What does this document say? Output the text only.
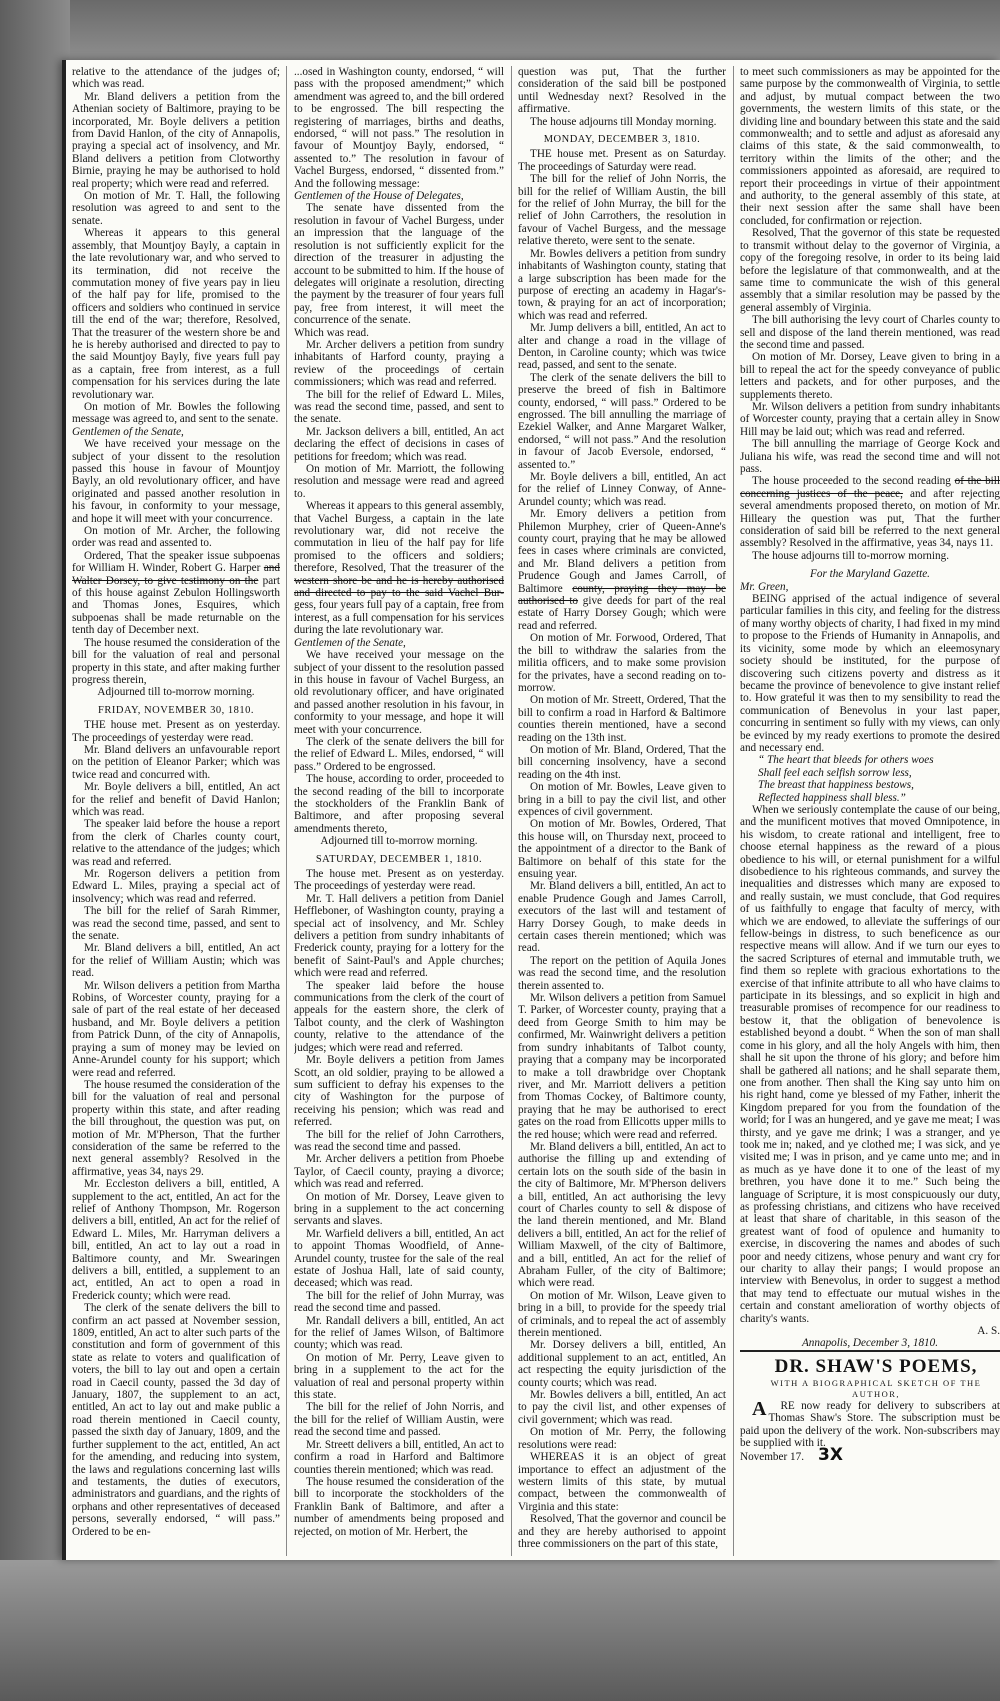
relative to the attendance of the judges of; which was read.

Mr. Bland delivers a petition from the Athenian society of Baltimore, praying to be incorporated, Mr. Boyle delivers a petition from David Hanlon, of the city of Annapolis, praying a special act of insolvency, and Mr. Bland delivers a petition from Clotworthy Birnie, praying he may be authorised to hold real property; which were read and referred.

On motion of Mr. T. Hall, the following resolution was agreed to and sent to the senate.

Whereas it appears to this general assembly, that Mountjoy Bayly, a captain in the late revolutionary war, and who served to its termination, did not receive the commutation money of five years pay in lieu of the half pay for life, promised to the officers and soldiers who continued in service till the end of the war; therefore, Resolved, That the treasurer of the western shore be and he is hereby authorised and directed to pay to the said Mountjoy Bayly, five years full pay as a captain, free from interest, as a full compensation for his services during the late revolutionary war.

On motion of Mr. Bowles the following message was agreed to, and sent to the senate.

Gentlemen of the Senate,

We have received your message on the subject of your dissent to the resolution passed this house in favour of Mountjoy Bayly, an old revolutionary officer, and have originated and passed another resolution in his favour, in conformity to your message, and hope it will meet with your concurrence.

On motion of Mr. Archer, the following order was read and assented to.

Ordered, That the speaker issue subpoenas for William H. Winder, Robert G. Harper and Walter Dorsey, to give testimony on the part of this house against Zebulon Hollingsworth and Thomas Jones, Esquires, which subpoenas shall be made returnable on the tenth day of December next.

The house resumed the consideration of the bill for the valuation of real and personal property in this state, and after making further progress therein,

Adjourned till to-morrow morning.

FRIDAY, NOVEMBER 30, 1810.

THE house met. Present as on yesterday. The proceedings of yesterday were read.

Mr. Bland delivers an unfavourable report on the petition of Eleanor Parker; which was twice read and concurred with.

Mr. Boyle delivers a bill, entitled, An act for the relief and benefit of David Hanlon; which was read.

The speaker laid before the house a report from the clerk of Charles county court, relative to the attendance of the judges; which was read and referred.

Mr. Rogerson delivers a petition from Edward L. Miles, praying a special act of insolvency; which was read and referred.

The bill for the relief of Sarah Rimmer, was read the second time, passed, and sent to the senate.

Mr. Bland delivers a bill, entitled, An act for the relief of William Austin; which was read.

Mr. Wilson delivers a petition from Martha Robins, of Worcester county, praying for a sale of part of the real estate of her deceased husband, and Mr. Boyle delivers a petition from Patrick Dunn, of the city of Annapolis, praying a sum of money may be levied on Anne-Arundel county for his support; which were read and referred.

The house resumed the consideration of the bill for the valuation of real and personal property within this state, and after reading the bill throughout, the question was put, on motion of Mr. M'Pherson, That the further consideration of the same be referred to the next general assembly? Resolved in the affirmative, yeas 34, nays 29.

Mr. Eccleston delivers a bill, entitled, A supplement to the act, entitled, An act for the relief of Anthony Thompson, Mr. Rogerson delivers a bill, entitled, An act for the relief of Edward L. Miles, Mr. Harryman delivers a bill, entitled, An act to lay out a road in Baltimore county, and Mr. Swearingen delivers a bill, entitled, a supplement to an act, entitled, An act to open a road in Frederick county; which were read.

The clerk of the senate delivers the bill to confirm an act passed at November session, 1809, entitled, An act to alter such parts of the constitution and form of government of this state as relate to voters and qualification of voters, the bill to lay out and open a certain road in Caecil county, passed the 3d day of January, 1807, the supplement to an act, entitled, An act to lay out and make public a road therein mentioned in Caecil county, passed the sixth day of January, 1809, and the further supplement to the act, entitled, An act for the amending, and reducing into system, the laws and regulations concerning last wills and testaments, the duties of executors, administrators and guardians, and the rights of orphans and other representatives of deceased persons, severally endorsed, “ will pass.” Ordered to be en-

...osed in Washington county, endorsed, “ will pass with the proposed amendment;” which amendment was agreed to, and the bill ordered to be engrossed. The bill respecting the registering of marriages, births and deaths, endorsed, “ will not pass.” The resolution in favour of Mountjoy Bayly, endorsed, “ assented to.” The resolution in favour of Vachel Burgess, endorsed, “ dissented from.” And the following message:

Gentlemen of the House of Delegates,

The senate have dissented from the resolution in favour of Vachel Burgess, under an impression that the language of the resolution is not sufficiently explicit for the direction of the treasurer in adjusting the account to be submitted to him. If the house of delegates will originate a resolution, directing the payment by the treasurer of four years full pay, free from interest, it will meet the concurrence of the senate.

Which was read.

Mr. Archer delivers a petition from sundry inhabitants of Harford county, praying a review of the proceedings of certain commissioners; which was read and referred.

The bill for the relief of Edward L. Miles, was read the second time, passed, and sent to the senate.

Mr. Jackson delivers a bill, entitled, An act declaring the effect of decisions in cases of petitions for freedom; which was read.

On motion of Mr. Marriott, the following resolution and message were read and agreed to.

Whereas it appears to this general assembly, that Vachel Burgess, a captain in the late revolutionary war, did not receive the commutation in lieu of the half pay for life promised to the officers and soldiers; therefore, Resolved, That the treasurer of the western shore be and he is hereby authorised and directed to pay to the said Vachel Bur- gess, four years full pay of a captain, free from interest, as a full compensation for his services during the late revolutionary war.

Gentlemen of the Senate,

We have received your message on the subject of your dissent to the resolution passed in this house in favour of Vachel Burgess, an old revolutionary officer, and have originated and passed another resolution in his favour, in conformity to your message, and hope it will meet with your concurrence.

The clerk of the senate delivers the bill for the relief of Edward L. Miles, endorsed, “ will pass.” Ordered to be engrossed.

The house, according to order, proceeded to the second reading of the bill to incorporate the stockholders of the Franklin Bank of Baltimore, and after proposing several amendments thereto,

Adjourned till to-morrow morning.

SATURDAY, DECEMBER 1, 1810.

The house met. Present as on yesterday. The proceedings of yesterday were read.

Mr. T. Hall delivers a petition from Daniel Heffleboner, of Washington county, praying a special act of insolvency, and Mr. Schley delivers a petition from sundry inhabitants of Frederick county, praying for a lottery for the benefit of Saint-Paul's and Apple churches; which were read and referred.

The speaker laid before the house communications from the clerk of the court of appeals for the eastern shore, the clerk of Talbot county, and the clerk of Washington county, relative to the attendance of the judges; which were read and referred.

Mr. Boyle delivers a petition from James Scott, an old soldier, praying to be allowed a sum sufficient to defray his expenses to the city of Washington for the purpose of receiving his pension; which was read and referred.

The bill for the relief of John Carrothers, was read the second time and passed.

Mr. Archer delivers a petition from Phoebe Taylor, of Caecil county, praying a divorce; which was read and referred.

On motion of Mr. Dorsey, Leave given to bring in a supplement to the act concerning servants and slaves.

Mr. Warfield delivers a bill, entitled, An act to appoint Thomas Woodfield, of Anne-Arundel county, trustee for the sale of the real estate of Joshua Hall, late of said county, deceased; which was read.

The bill for the relief of John Murray, was read the second time and passed.

Mr. Randall delivers a bill, entitled, An act for the relief of James Wilson, of Baltimore county; which was read.

On motion of Mr. Perry, Leave given to bring in a supplement to the act for the valuation of real and personal property within this state.

The bill for the relief of John Norris, and the bill for the relief of William Austin, were read the second time and passed.

Mr. Streett delivers a bill, entitled, An act to confirm a road in Harford and Baltimore counties therein mentioned; which was read.

The house resumed the consideration of the bill to incorporate the stockholders of the Franklin Bank of Baltimore, and after a number of amendments being proposed and rejected, on motion of Mr. Herbert, the

question was put, That the further consideration of the said bill be postponed until Wednesday next? Resolved in the affirmative.

The house adjourns till Monday morning.

MONDAY, DECEMBER 3, 1810.

THE house met. Present as on Saturday. The proceedings of Saturday were read.

The bill for the relief of John Norris, the bill for the relief of William Austin, the bill for the relief of John Murray, the bill for the relief of John Carrothers, the resolution in favour of Vachel Burgess, and the message relative thereto, were sent to the senate.

Mr. Bowles delivers a petition from sundry inhabitants of Washington county, stating that a large subscription has been made for the purpose of erecting an academy in Hagar's-town, & praying for an act of incorporation; which was read and referred.

Mr. Jump delivers a bill, entitled, An act to alter and change a road in the village of Denton, in Caroline county; which was twice read, passed, and sent to the senate.

The clerk of the senate delivers the bill to preserve the breed of fish in Baltimore county, endorsed, “ will pass.” Ordered to be engrossed. The bill annulling the marriage of Ezekiel Walker, and Anne Margaret Walker, endorsed, “ will not pass.” And the resolution in favour of Jacob Eversole, endorsed, “ assented to.”

Mr. Boyle delivers a bill, entitled, An act for the relief of Linney Conway, of Anne-Arundel county; which was read.

Mr. Emory delivers a petition from Philemon Murphey, crier of Queen-Anne's county court, praying that he may be allowed fees in cases where criminals are convicted, and Mr. Bland delivers a petition from Prudence Gough and James Carroll, of Baltimore county, praying they may be authorised to give deeds for part of the real estate of Harry Dorsey Gough; which were read and referred.

On motion of Mr. Forwood, Ordered, That the bill to withdraw the salaries from the militia officers, and to make some provision for the privates, have a second reading on to-morrow.

On motion of Mr. Streett, Ordered, That the bill to confirm a road in Harford & Baltimore counties therein mentioned, have a second reading on the 13th inst.

On motion of Mr. Bland, Ordered, That the bill concerning insolvency, have a second reading on the 4th inst.

On motion of Mr. Bowles, Leave given to bring in a bill to pay the civil list, and other expences of civil government.

On motion of Mr. Bowles, Ordered, That this house will, on Thursday next, proceed to the appointment of a director to the Bank of Baltimore on behalf of this state for the ensuing year.

Mr. Bland delivers a bill, entitled, An act to enable Prudence Gough and James Carroll, executors of the last will and testament of Harry Dorsey Gough, to make deeds in certain cases therein mentioned; which was read.

The report on the petition of Aquila Jones was read the second time, and the resolution therein assented to.

Mr. Wilson delivers a petition from Samuel T. Parker, of Worcester county, praying that a deed from George Smith to him may be confirmed, Mr. Wainwright delivers a petition from sundry inhabitants of Talbot county, praying that a company may be incorporated to make a toll drawbridge over Choptank river, and Mr. Marriott delivers a petition from Thomas Cockey, of Baltimore county, praying that he may be authorised to erect gates on the road from Ellicotts upper mills to the red house; which were read and referred.

Mr. Bland delivers a bill, entitled, An act to authorise the filling up and extending of certain lots on the south side of the basin in the city of Baltimore, Mr. M'Pherson delivers a bill, entitled, An act authorising the levy court of Charles county to sell & dispose of the land therein mentioned, and Mr. Bland delivers a bill, entitled, An act for the relief of William Maxwell, of the city of Baltimore, and a bill, entitled, An act for the relief of Abraham Fuller, of the city of Baltimore; which were read.

On motion of Mr. Wilson, Leave given to bring in a bill, to provide for the speedy trial of criminals, and to repeal the act of assembly therein mentioned.

Mr. Dorsey delivers a bill, entitled, An additional supplement to an act, entitled, An act respecting the equity jurisdiction of the county courts; which was read.

Mr. Bowles delivers a bill, entitled, An act to pay the civil list, and other expenses of civil government; which was read.

On motion of Mr. Perry, the following resolutions were read:

WHEREAS it is an object of great importance to effect an adjustment of the western limits of this state, by mutual compact, between the commonwealth of Virginia and this state:

Resolved, That the governor and council be and they are hereby authorised to appoint three commissioners on the part of this state,

to meet such commissioners as may be appointed for the same purpose by the commonwealth of Virginia, to settle and adjust, by mutual compact between the two governments, the western limits of this state, or the dividing line and boundary between this state and the said commonwealth; and to settle and adjust as aforesaid any claims of this state, & the said commonwealth, to territory within the limits of the other; and the commissioners appointed as aforesaid, are required to report their proceedings in virtue of their appointment and authority, to the general assembly of this state, at their next session after the same shall have been concluded, for confirmation or rejection.

Resolved, That the governor of this state be requested to transmit without delay to the governor of Virginia, a copy of the foregoing resolve, in order to its being laid before the legislature of that commonwealth, and at the same time to communicate the wish of this general assembly that a similar resolution may be passed by the general assembly of Virginia.

The bill authorising the levy court of Charles county to sell and dispose of the land therein mentioned, was read the second time and passed.

On motion of Mr. Dorsey, Leave given to bring in a bill to repeal the act for the speedy conveyance of public letters and packets, and for other purposes, and the supplements thereto.

Mr. Wilson delivers a petition from sundry inhabitants of Worcester county, praying that a certain alley in Snow Hill may be laid out; which was read and referred.

The bill annulling the marriage of George Kock and Juliana his wife, was read the second time and will not pass.

The house proceeded to the second reading of the bill concerning justices of the peace, and after rejecting several amendments proposed thereto, on motion of Mr. Hilleary the question was put, That the further consideration of said bill be referred to the next general assembly? Resolved in the affirmative, yeas 34, nays 11.

The house adjourns till to-morrow morning.

For the Maryland Gazette.

Mr. Green,

BEING apprised of the actual indigence of several particular families in this city, and feeling for the distress of many worthy objects of charity, I had fixed in my mind to propose to the Friends of Humanity in Annapolis, and its vicinity, some mode by which an eleemosynary society should be instituted, for the purpose of discovering such citizens poverty and distress as it became the province of benevolence to give instant relief to. How grateful it was then to my sensibility to read the communication of Benevolus in your last paper, concurring in sentiment so fully with my views, can only be evinced by my ready exertions to promote the desired and necessary end.

“ The heart that bleeds for others woes

Shall feel each selfish sorrow less,

The breast that happiness bestows,

Reflected happiness shall bless.”

When we seriously contemplate the cause of our being, and the munificent motives that moved Omnipotence, in his wisdom, to create rational and intelligent, free to choose eternal happiness as the reward of a pious obedience to his will, or eternal punishment for a wilful disobedience to his righteous commands, and survey the inequalities and distresses which many are exposed to and really sustain, we must conclude, that God requires of us faithfully to engage that faculty of mercy, with which we are endowed, to alleviate the sufferings of our fellow-beings in distress, to such beneficence as our respective means will allow. And if we turn our eyes to the sacred Scriptures of eternal and immutable truth, we find them so replete with gracious exhortations to the exercise of that infinite attribute to all who have claims to participate in its blessings, and so explicit in high and treasurable promises of recompence for our readiness to bestow it, that the obligation of benevolence is established beyond a doubt. “ When the son of man shall come in his glory, and all the holy Angels with him, then shall he sit upon the throne of his glory; and before him shall be gathered all nations; and he shall separate them, one from another. Then shall the King say unto him on his right hand, come ye blessed of my Father, inherit the Kingdom prepared for you from the foundation of the world; for I was an hungered, and ye gave me meat; I was thirsty, and ye gave me drink; I was a stranger, and ye took me in; naked, and ye clothed me; I was sick, and ye visited me; I was in prison, and ye came unto me; and in as much as ye have done it to one of the least of my brethren, you have done it to me.” Such being the language of Scripture, it is most conspicuously our duty, as professing christians, and citizens who have received at least that share of charitable, in this season of the greatest want of food of opulence and humanity to exercise, in discovering the names and abodes of such poor and needy citizens, whose penury and want cry for our charity to allay their pangs; I would propose an interview with Benevolus, in order to suggest a method that may tend to effectuate our mutual wishes in the certain and constant amelioration of worthy objects of charity's wants.

A. S.

Annapolis, December 3, 1810.

DR. SHAW'S POEMS,

WITH A BIOGRAPHICAL SKETCH OF THE

AUTHOR,

A RE now ready for delivery to subscribers at Thomas Shaw's Store. The subscription must be paid upon the delivery of the work. Non-subscribers may be supplied with it.

November 17. 3X
